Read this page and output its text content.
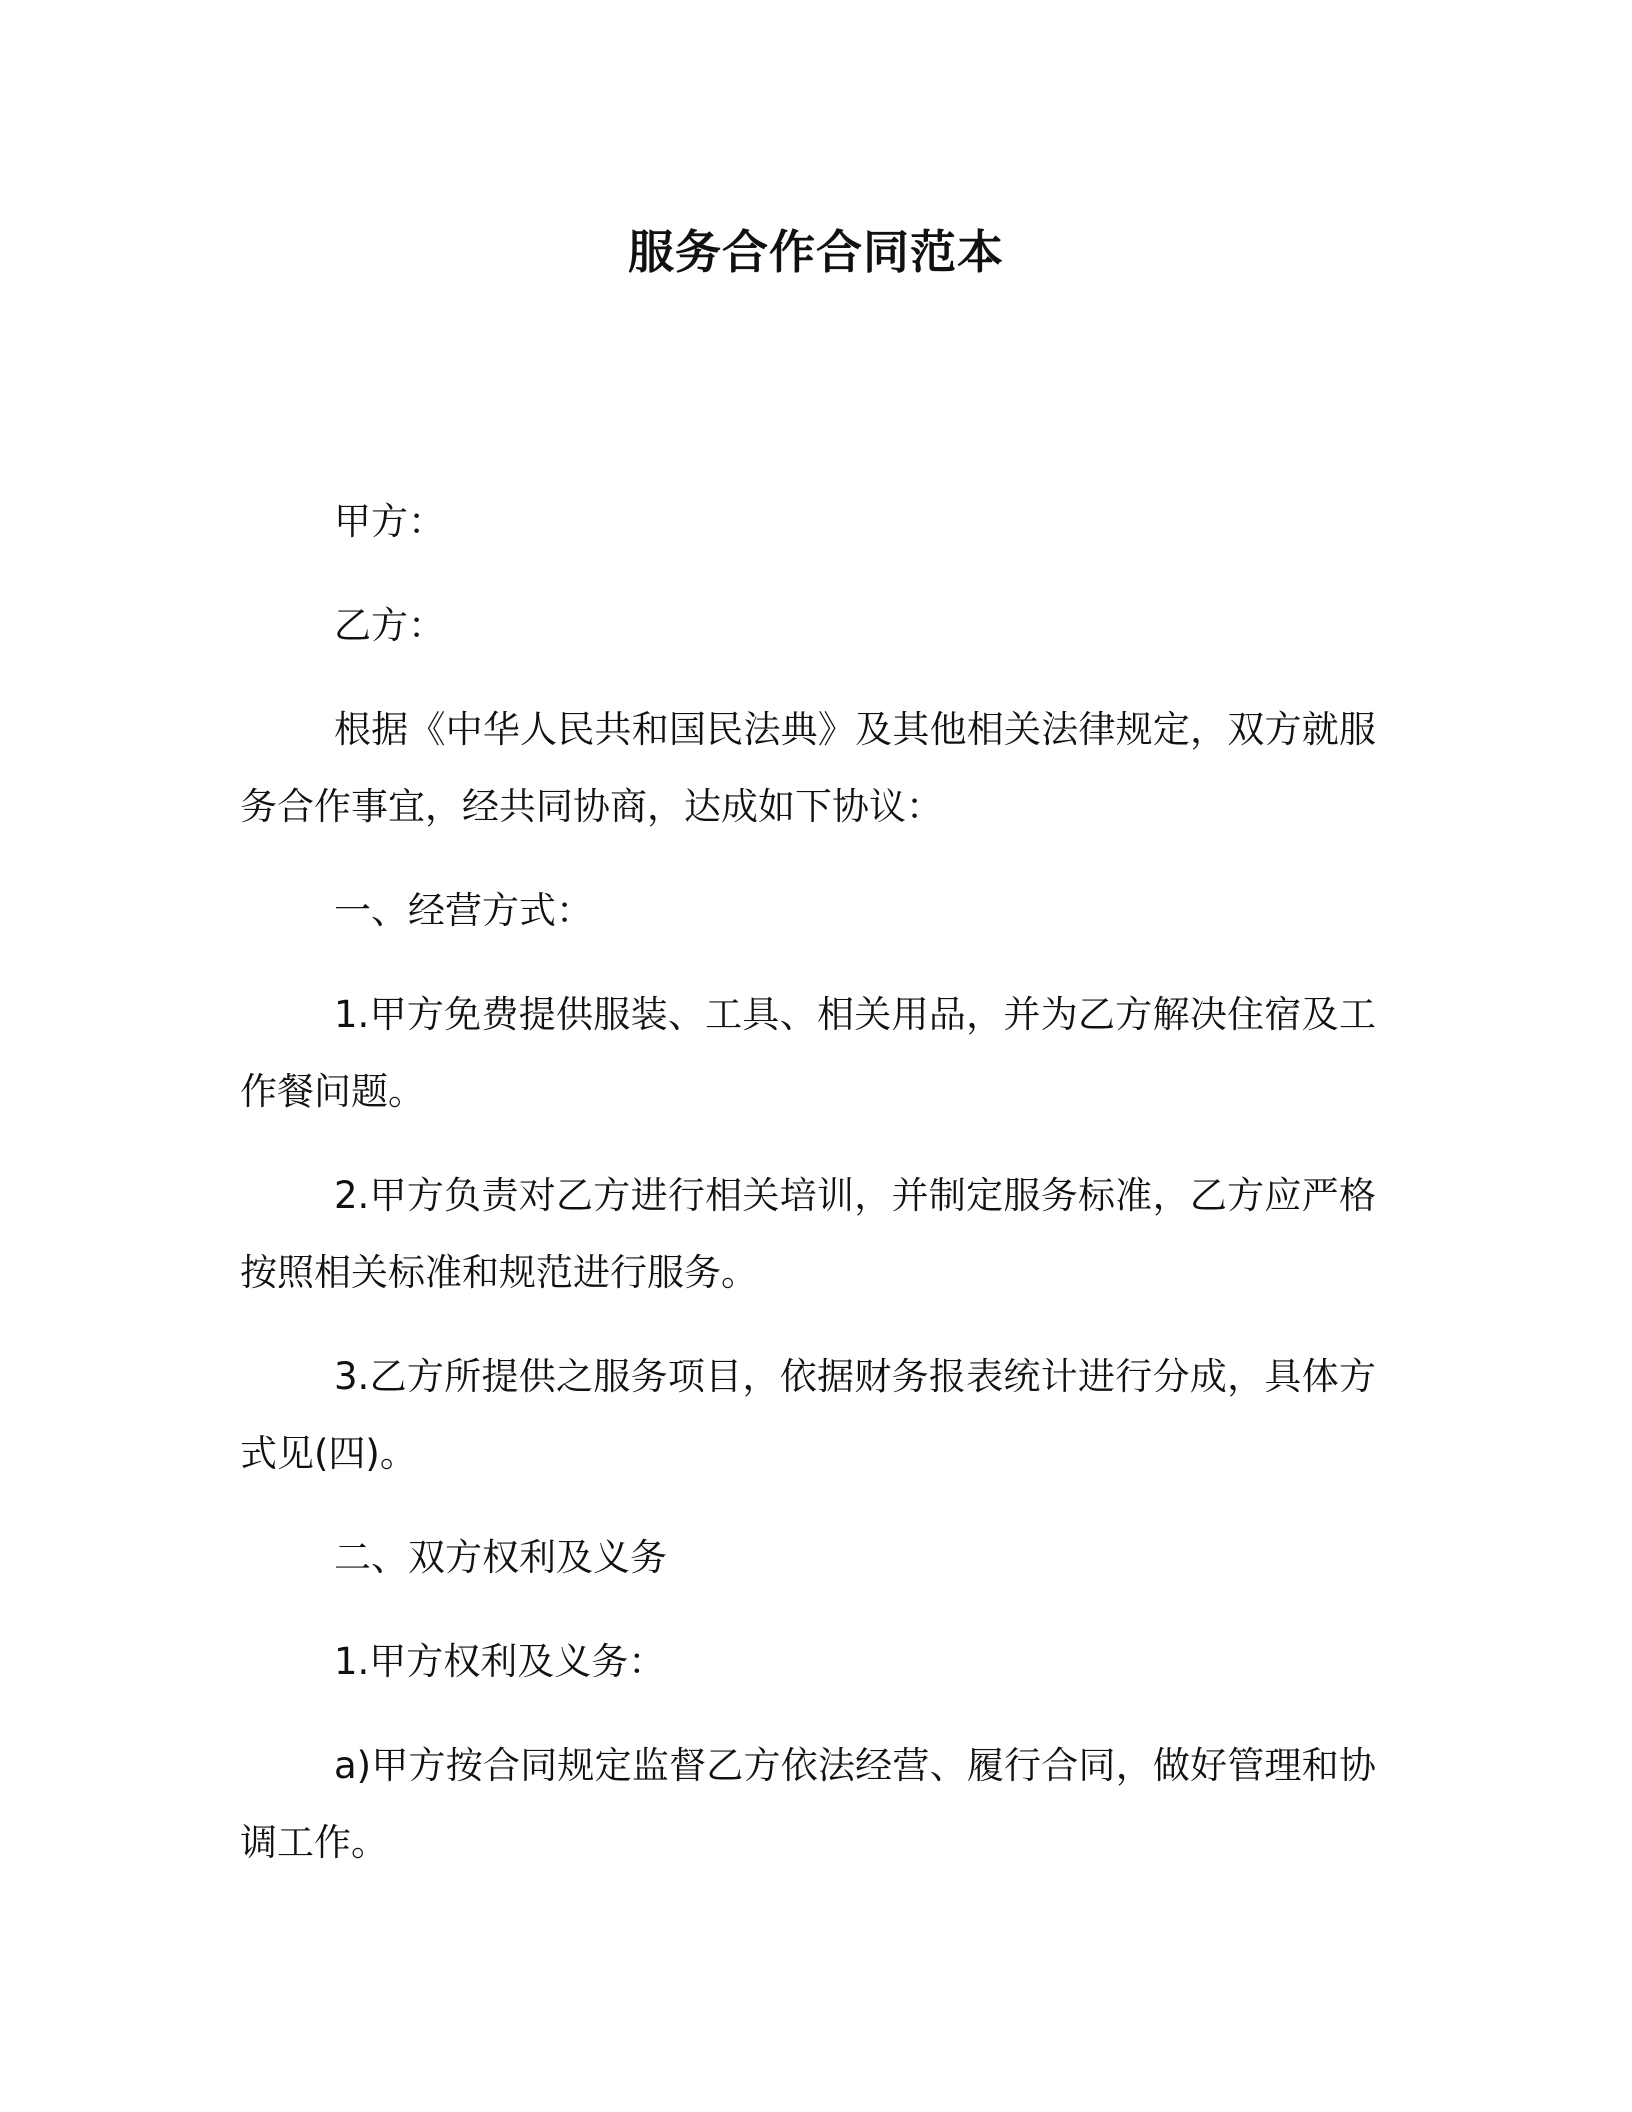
服务合作合同范本

甲方：

乙方：

根据《中华人民共和国民法典》及其他相关法律规定，双方就服务合作事宜，经共同协商，达成如下协议：

一、经营方式：

1.甲方免费提供服装、工具、相关用品，并为乙方解决住宿及工作餐问题。

2.甲方负责对乙方进行相关培训，并制定服务标准，乙方应严格按照相关标准和规范进行服务。

3.乙方所提供之服务项目，依据财务报表统计进行分成，具体方式见(四)。

二、双方权利及义务

1.甲方权利及义务：

a)甲方按合同规定监督乙方依法经营、履行合同，做好管理和协调工作。
